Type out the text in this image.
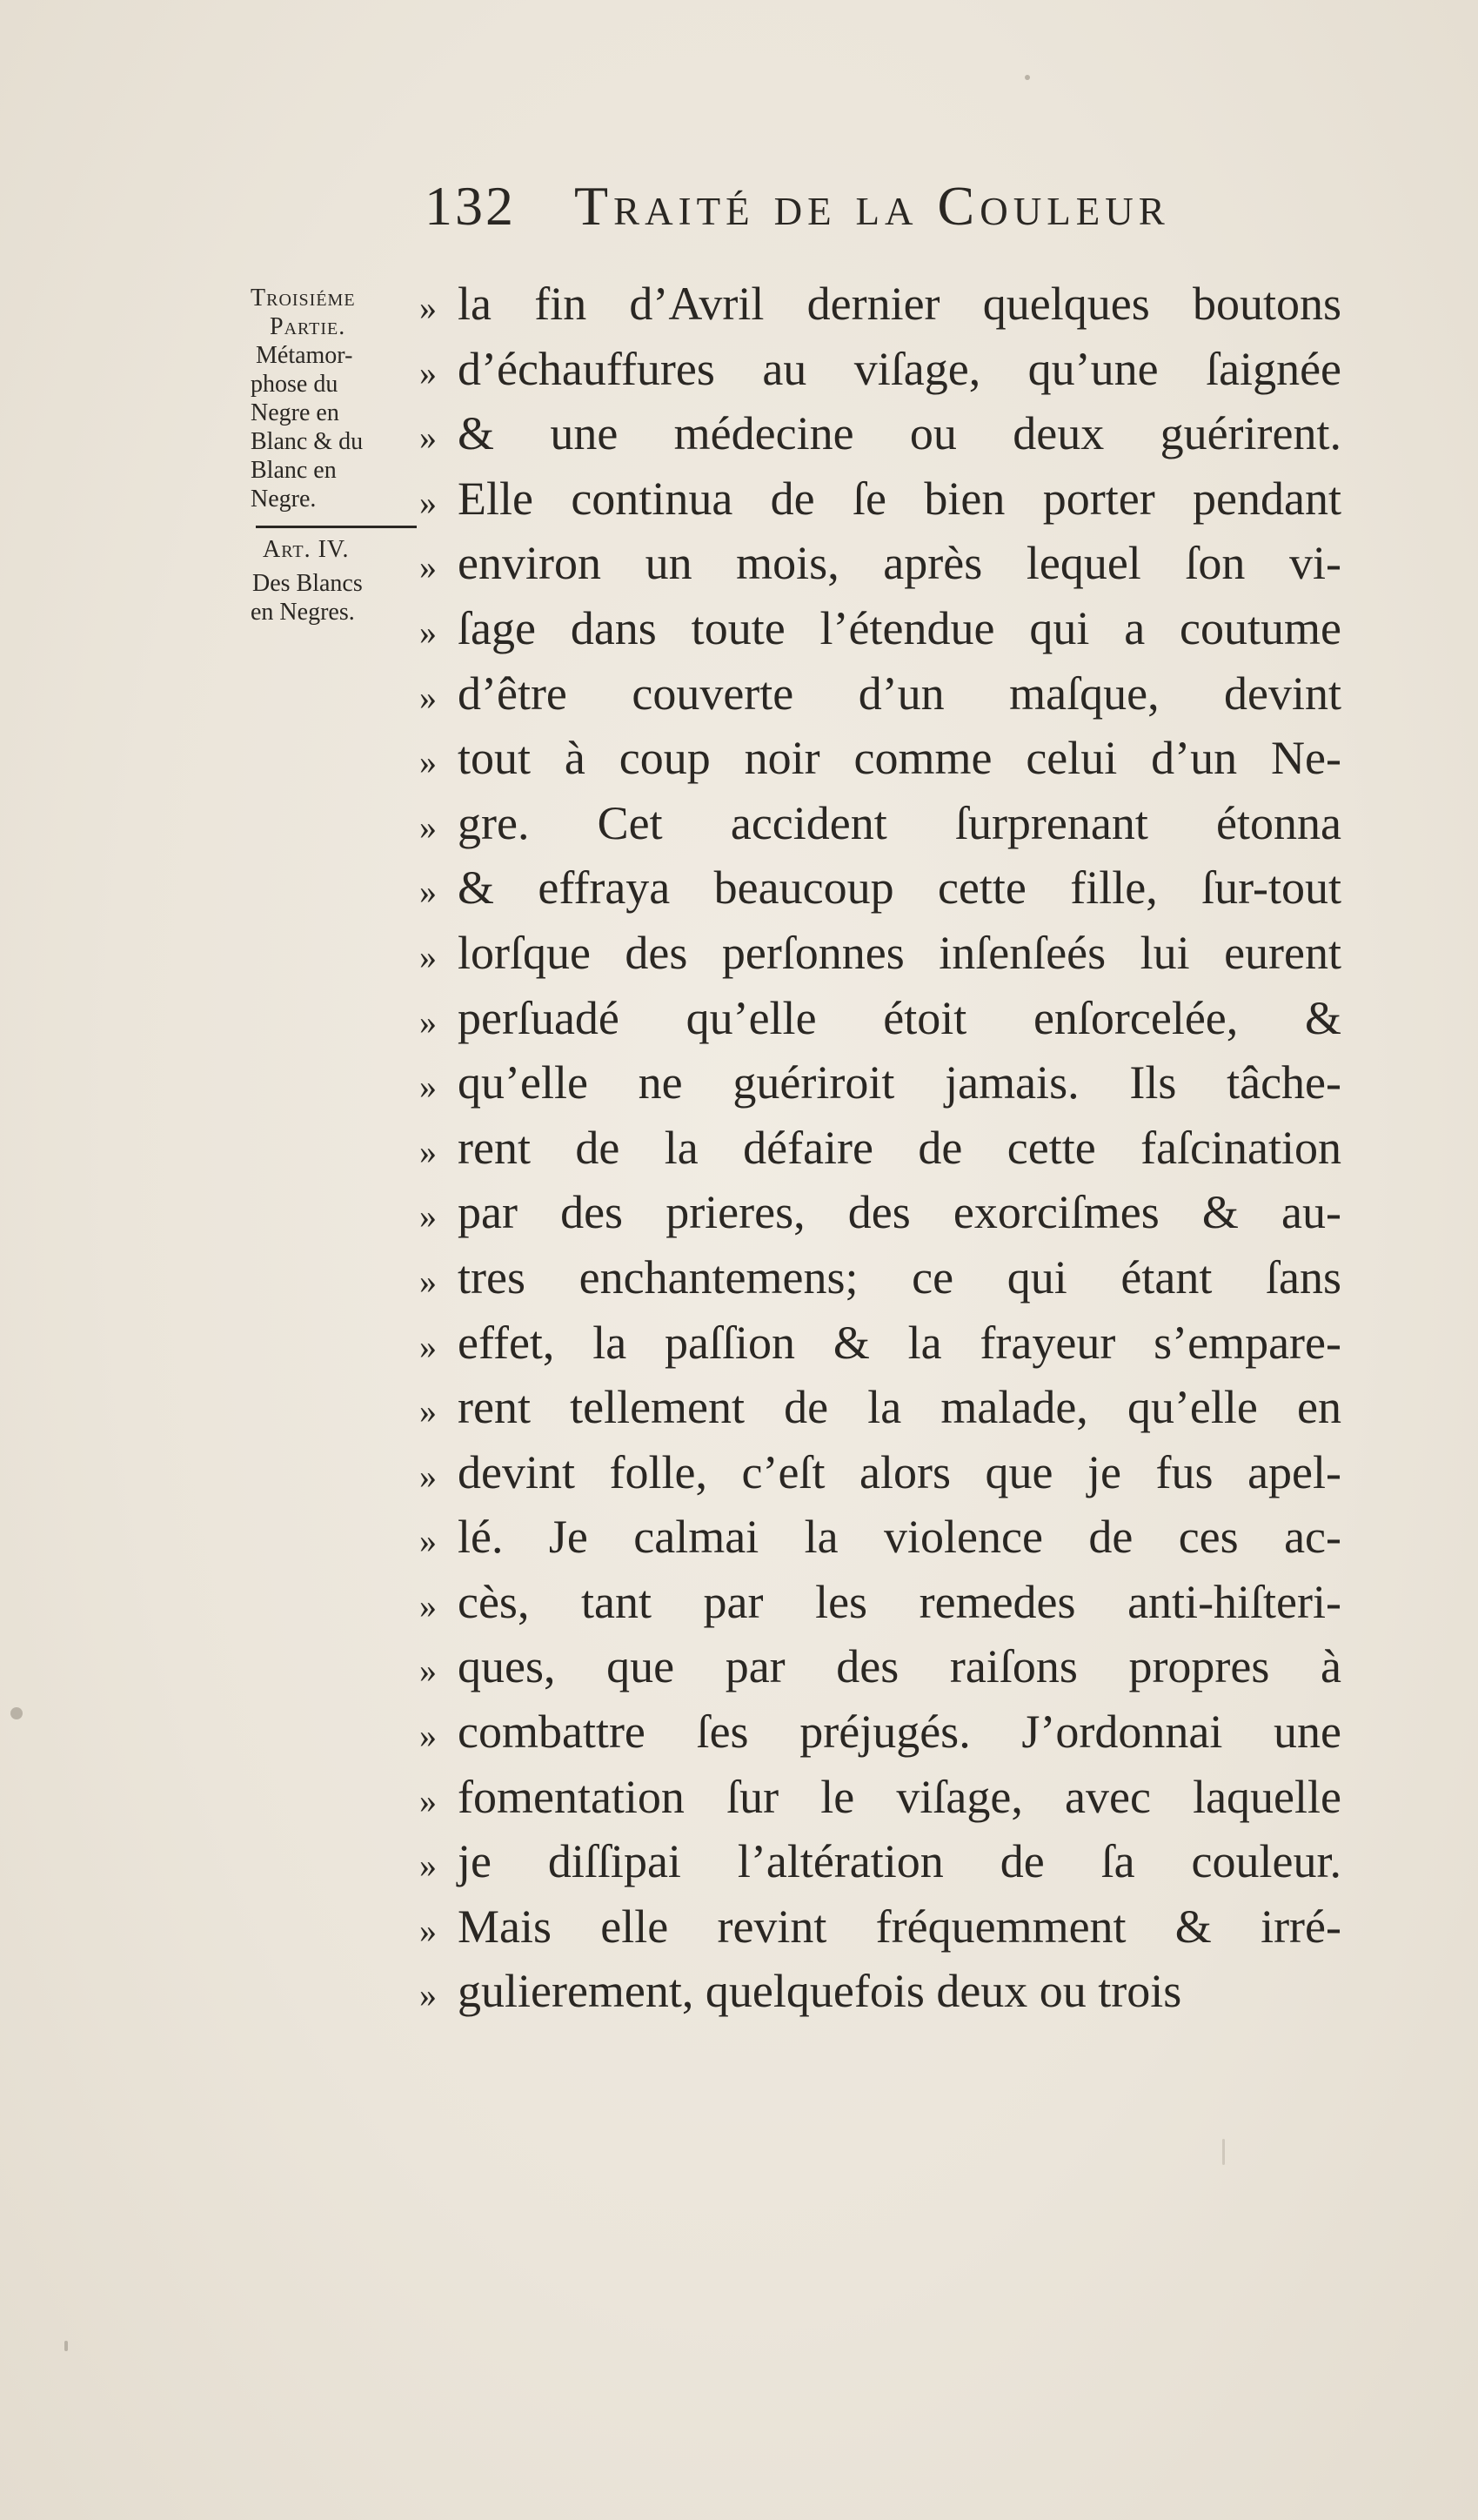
132 Traité de la Couleur
Troisiéme
Partie.
Métamor-
phose du
Negre en
Blanc & du
Blanc en
Negre.
Art. IV.
Des Blancs
en Negres.
» la fin d’Avril dernier quelques boutons
» d’échauffures au viſage, qu’une ſaignée
» & une médecine ou deux guérirent.
» Elle continua de ſe bien porter pendant
» environ un mois, après lequel ſon vi-
» ſage dans toute l’étendue qui a coutume
» d’être couverte d’un maſque, devint
» tout à coup noir comme celui d’un Ne-
» gre. Cet accident ſurprenant étonna
» & effraya beaucoup cette fille, ſur-tout
» lorſque des perſonnes inſenſeés lui eurent
» perſuadé qu’elle étoit enſorcelée, &
» qu’elle ne guériroit jamais. Ils tâche-
» rent de la défaire de cette faſcination
» par des prieres, des exorciſmes & au-
» tres enchantemens; ce qui étant ſans
» effet, la paſſion & la frayeur s’empare-
» rent tellement de la malade, qu’elle en
» devint folle, c’eſt alors que je fus apel-
» lé. Je calmai la violence de ces ac-
» cès, tant par les remedes anti-hiſteri-
» ques, que par des raiſons propres à
» combattre ſes préjugés. J’ordonnai une
» fomentation ſur le viſage, avec laquelle
» je diſſipai l’altération de ſa couleur.
» Mais elle revint fréquemment & irré-
» gulierement, quelquefois deux ou trois
